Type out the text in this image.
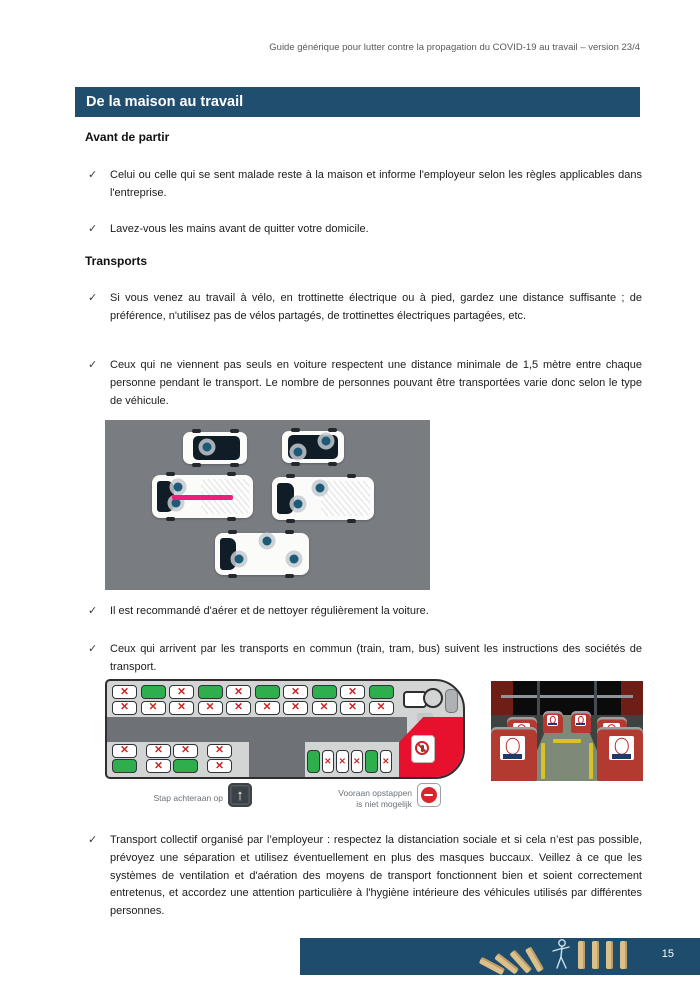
Guide générique pour lutter contre la propagation du COVID-19 au travail – version 23/4
De la maison au travail
Avant de partir
✓	Celui ou celle qui se sent malade reste à la maison et informe l'employeur selon les règles applicables dans l'entreprise.

✓	Lavez-vous les mains avant de quitter votre domicile.

Transports
✓	Si vous venez au travail à vélo, en trottinette électrique ou à pied, gardez une distance suffisante ; de préférence, n'utilisez pas de vélos partagés, de trottinettes électriques partagées, etc.

✓	Ceux qui ne viennent pas seuls en voiture respectent une distance minimale de 1,5 mètre entre chaque personne pendant le transport. Le nombre de personnes pouvant être transportées varie donc selon le type de véhicule.

✓	Il est recommandé d'aérer et de nettoyer régulièrement la voiture.

✓	Ceux qui arrivent par les transports en commun (train, tram, bus) suivent les instructions des sociétés de transport.

✕
✕ ✕
✕
✕ ✕
✕
✕ ✕
✕
✕ ✕
✕
✕ ✕
✕ ✕
✕
✕ ✕
✕	✕ ✕ ✕	✕
Stap achteraan op ↑	Vooraan opstappen
is niet mogelijk
✓	Transport collectif organisé par l’employeur : respectez la distanciation sociale et si cela n’est pas possible, prévoyez une séparation et utilisez éventuellement en plus des masques buccaux. Veillez à ce que les systèmes de ventilation et d'aération des moyens de transport fonctionnent bien et soient correctement entretenus, et accordez une attention particulière à l'hygiène intérieure des véhicules utilisés par différentes personnes.

15
